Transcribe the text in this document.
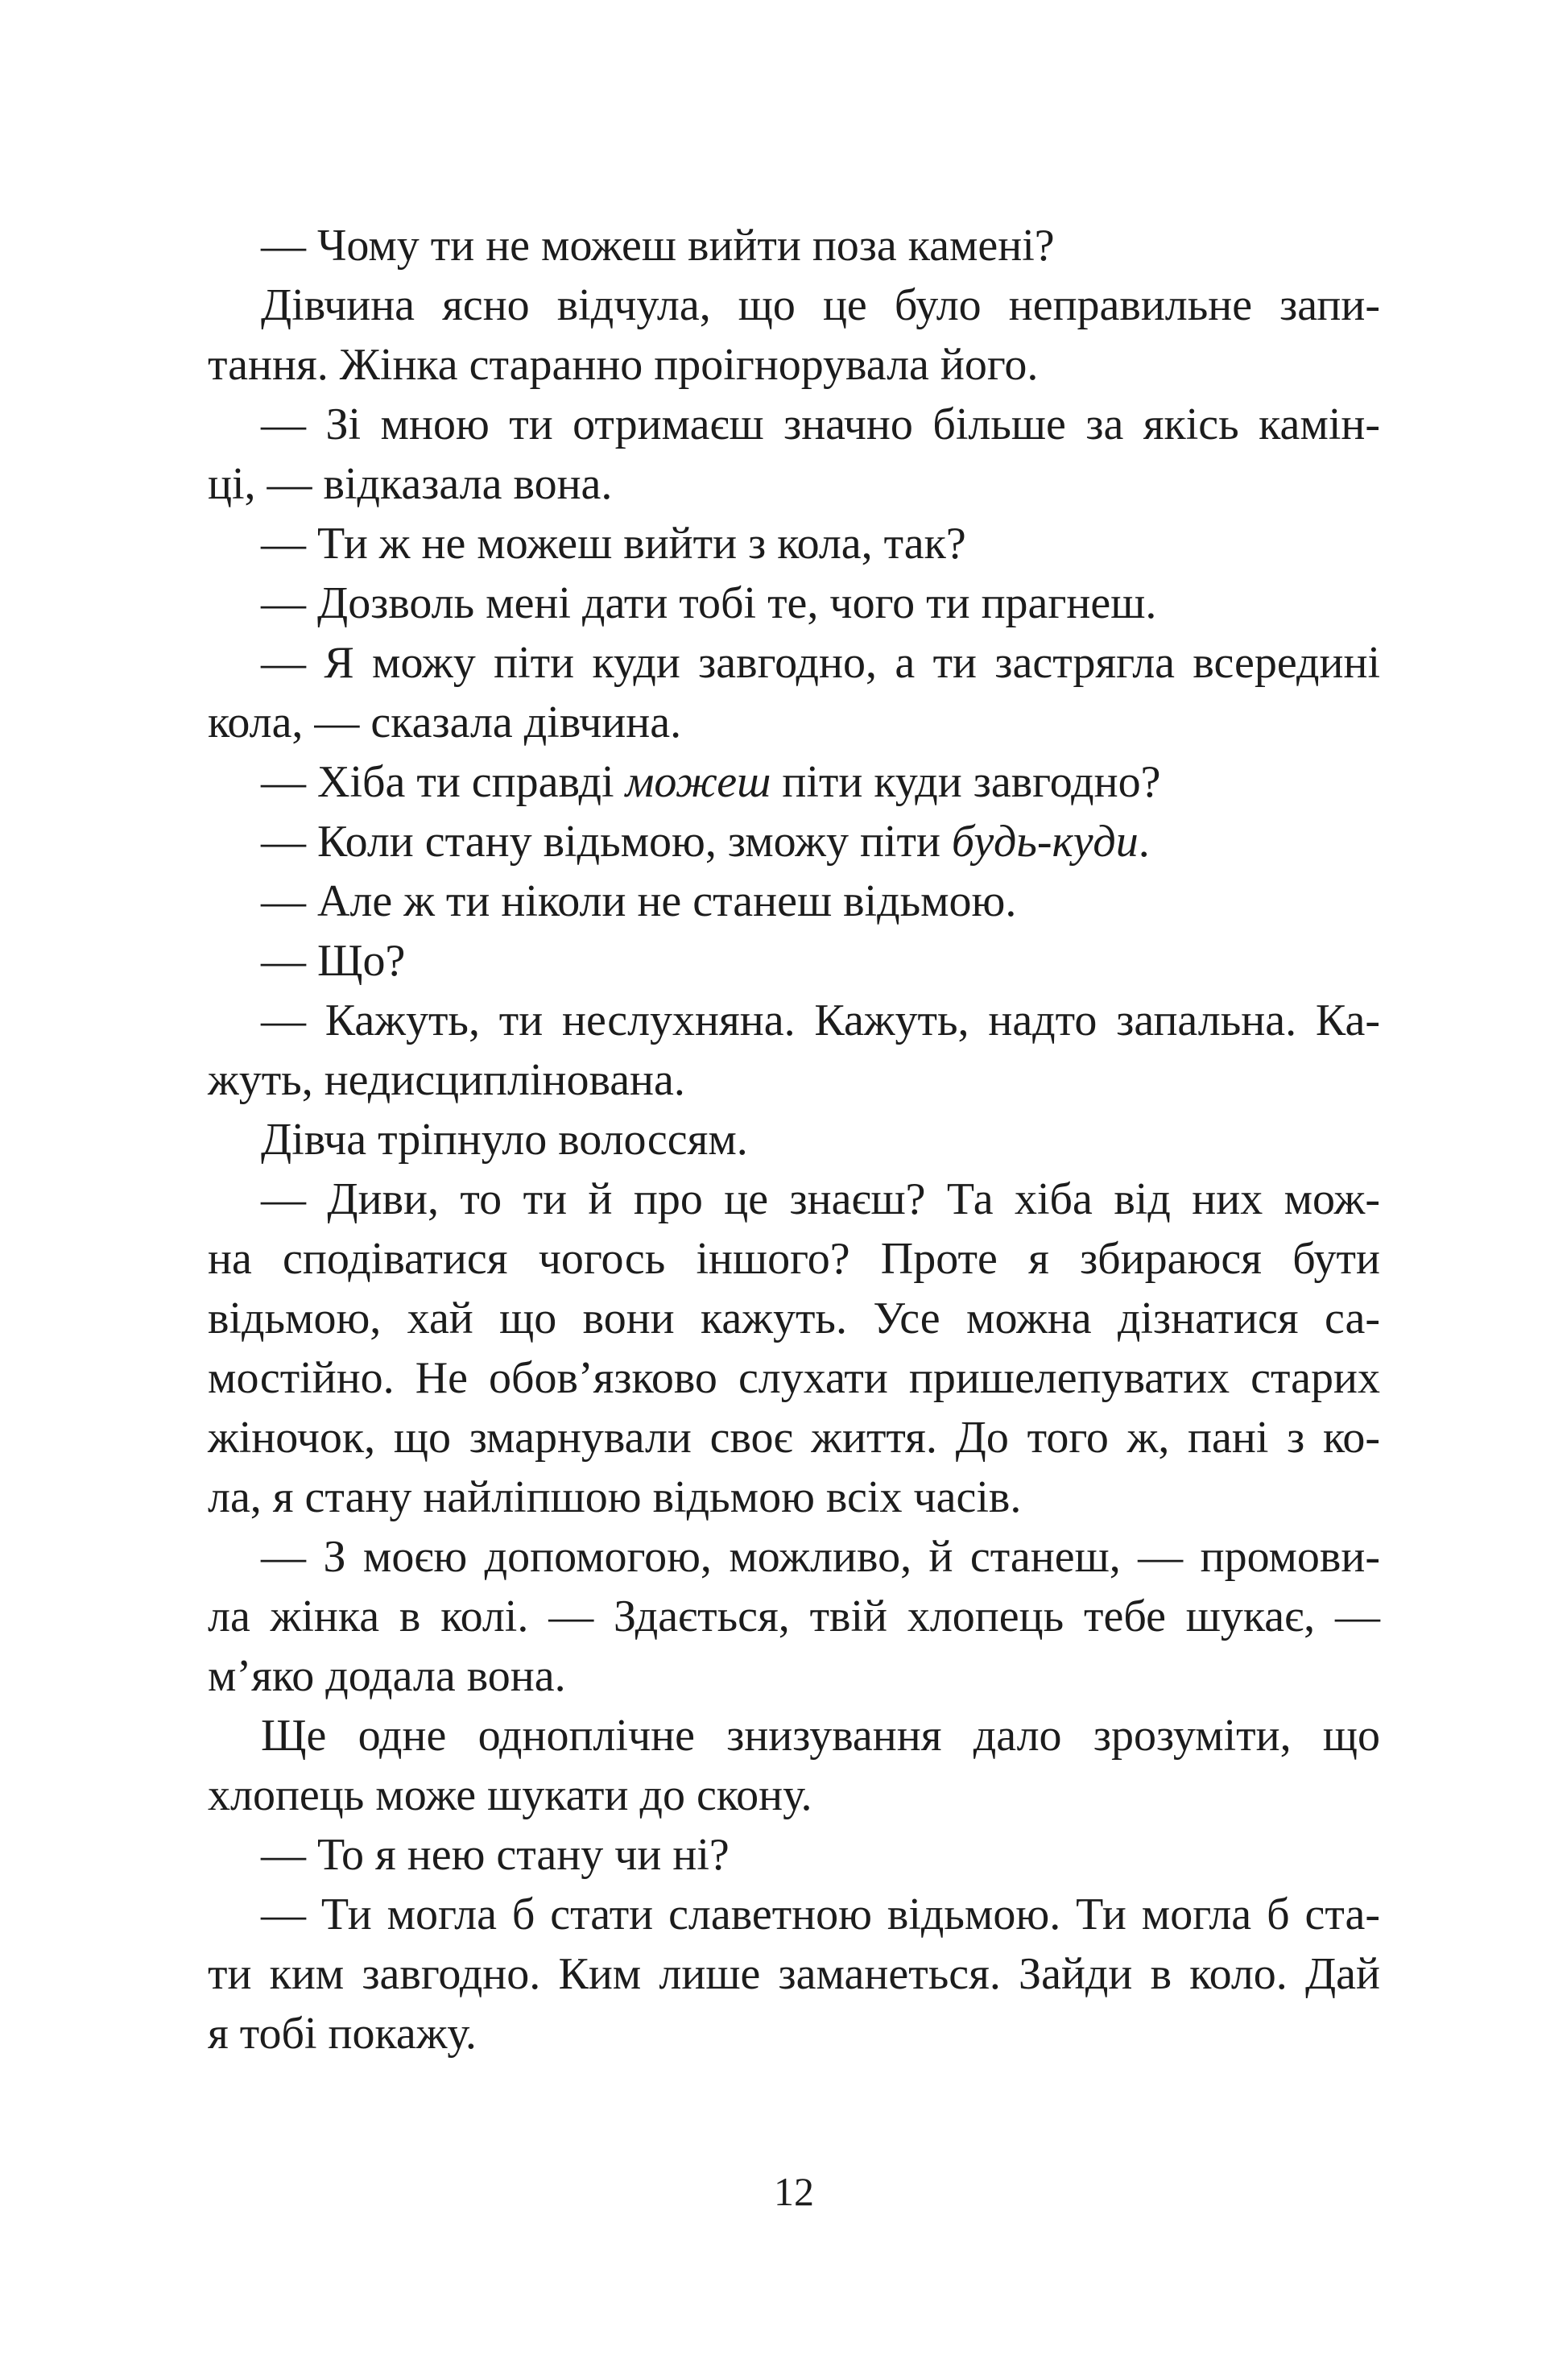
— Чому ти не можеш вийти поза камені?
Дівчина ясно відчула, що це було неправильне запи-
тання. Жінка старанно проігнорувала його.
— Зі мною ти отримаєш значно більше за якісь камін-
ці, — відказала вона.
— Ти ж не можеш вийти з кола, так?
— Дозволь мені дати тобі те, чого ти прагнеш.
— Я можу піти куди завгодно, а ти застрягла всередині
кола, — сказала дівчина.
— Хіба ти справді можеш піти куди завгодно?
— Коли стану відьмою, зможу піти будь-куди.
— Але ж ти ніколи не станеш відьмою.
— Що?
— Кажуть, ти неслухняна. Кажуть, надто запальна. Ка-
жуть, недисциплінована.
Дівча тріпнуло волоссям.
— Диви, то ти й про це знаєш? Та хіба від них мож-
на сподіватися чогось іншого? Проте я збираюся бути
відьмою, хай що вони кажуть. Усе можна дізнатися са-
мостійно. Не обов’язково слухати пришелепуватих старих
жіночок, що змарнували своє життя. До того ж, пані з ко-
ла, я стану найліпшою відьмою всіх часів.
— З моєю допомогою, можливо, й станеш, — промови-
ла жінка в колі. — Здається, твій хлопець тебе шукає, —
м’яко додала вона.
Ще одне одноплічне знизування дало зрозуміти, що
хлопець може шукати до скону.
— То я нею стану чи ні?
— Ти могла б стати славетною відьмою. Ти могла б ста-
ти ким завгодно. Ким лише заманеться. Зайди в коло. Дай
я тобі покажу.
12
